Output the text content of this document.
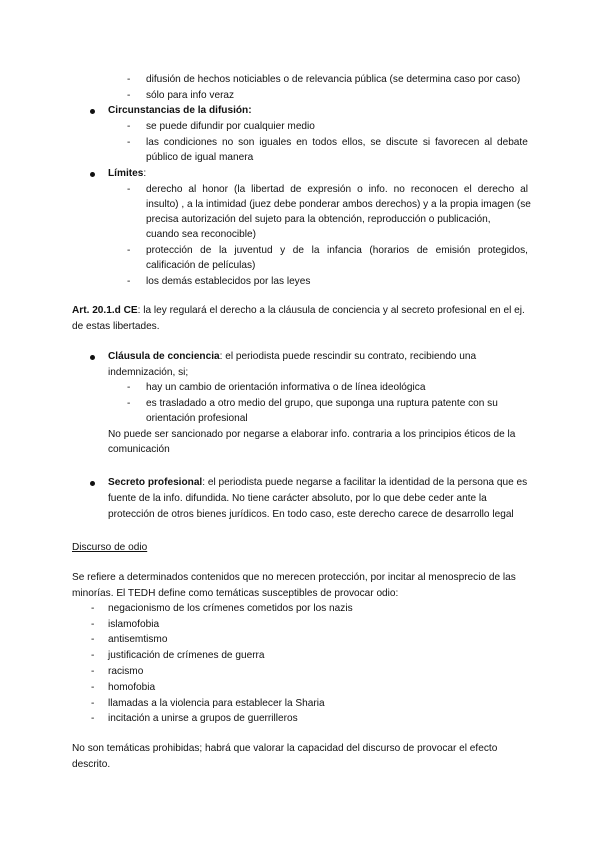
- difusión de hechos noticiables o de relevancia pública (se determina caso por caso)
- sólo para info veraz
Circunstancias de la difusión:
- se puede difundir por cualquier medio
- las condiciones no son iguales en todos ellos, se discute si favorecen al debate
público de igual manera
Límites:
- derecho al honor (la libertad de expresión o info. no reconocen el derecho al
insulto) , a la intimidad (juez debe ponderar ambos derechos) y a la propia imagen (se
precisa autorización del sujeto para la obtención, reproducción o publicación,
cuando sea reconocible)
- protección de la juventud y de la infancia (horarios de emisión protegidos,
calificación de películas)
- los demás establecidos por las leyes
Art. 20.1.d CE: la ley regulará el derecho a la cláusula de conciencia y al secreto profesional en el ej.
de estas libertades.
Cláusula de conciencia: el periodista puede rescindir su contrato, recibiendo una
indemnización, si;
- hay un cambio de orientación informativa o de línea ideológica
- es trasladado a otro medio del grupo, que suponga una ruptura patente con su
orientación profesional
No puede ser sancionado por negarse a elaborar info. contraria a los principios éticos de la
comunicación
Secreto profesional: el periodista puede negarse a facilitar la identidad de la persona que es
fuente de la info. difundida. No tiene carácter absoluto, por lo que debe ceder ante la
protección de otros bienes jurídicos. En todo caso, este derecho carece de desarrollo legal
Discurso de odio
Se refiere a determinados contenidos que no merecen protección, por incitar al menosprecio de las
minorías. El TEDH define como temáticas susceptibles de provocar odio:
- negacionismo de los crímenes cometidos por los nazis
- islamofobia
- antisemtismo
- justificación de crímenes de guerra
- racismo
- homofobia
- llamadas a la violencia para establecer la Sharia
- incitación a unirse a grupos de guerrilleros
No son temáticas prohibidas; habrá que valorar la capacidad del discurso de provocar el efecto
descrito.
